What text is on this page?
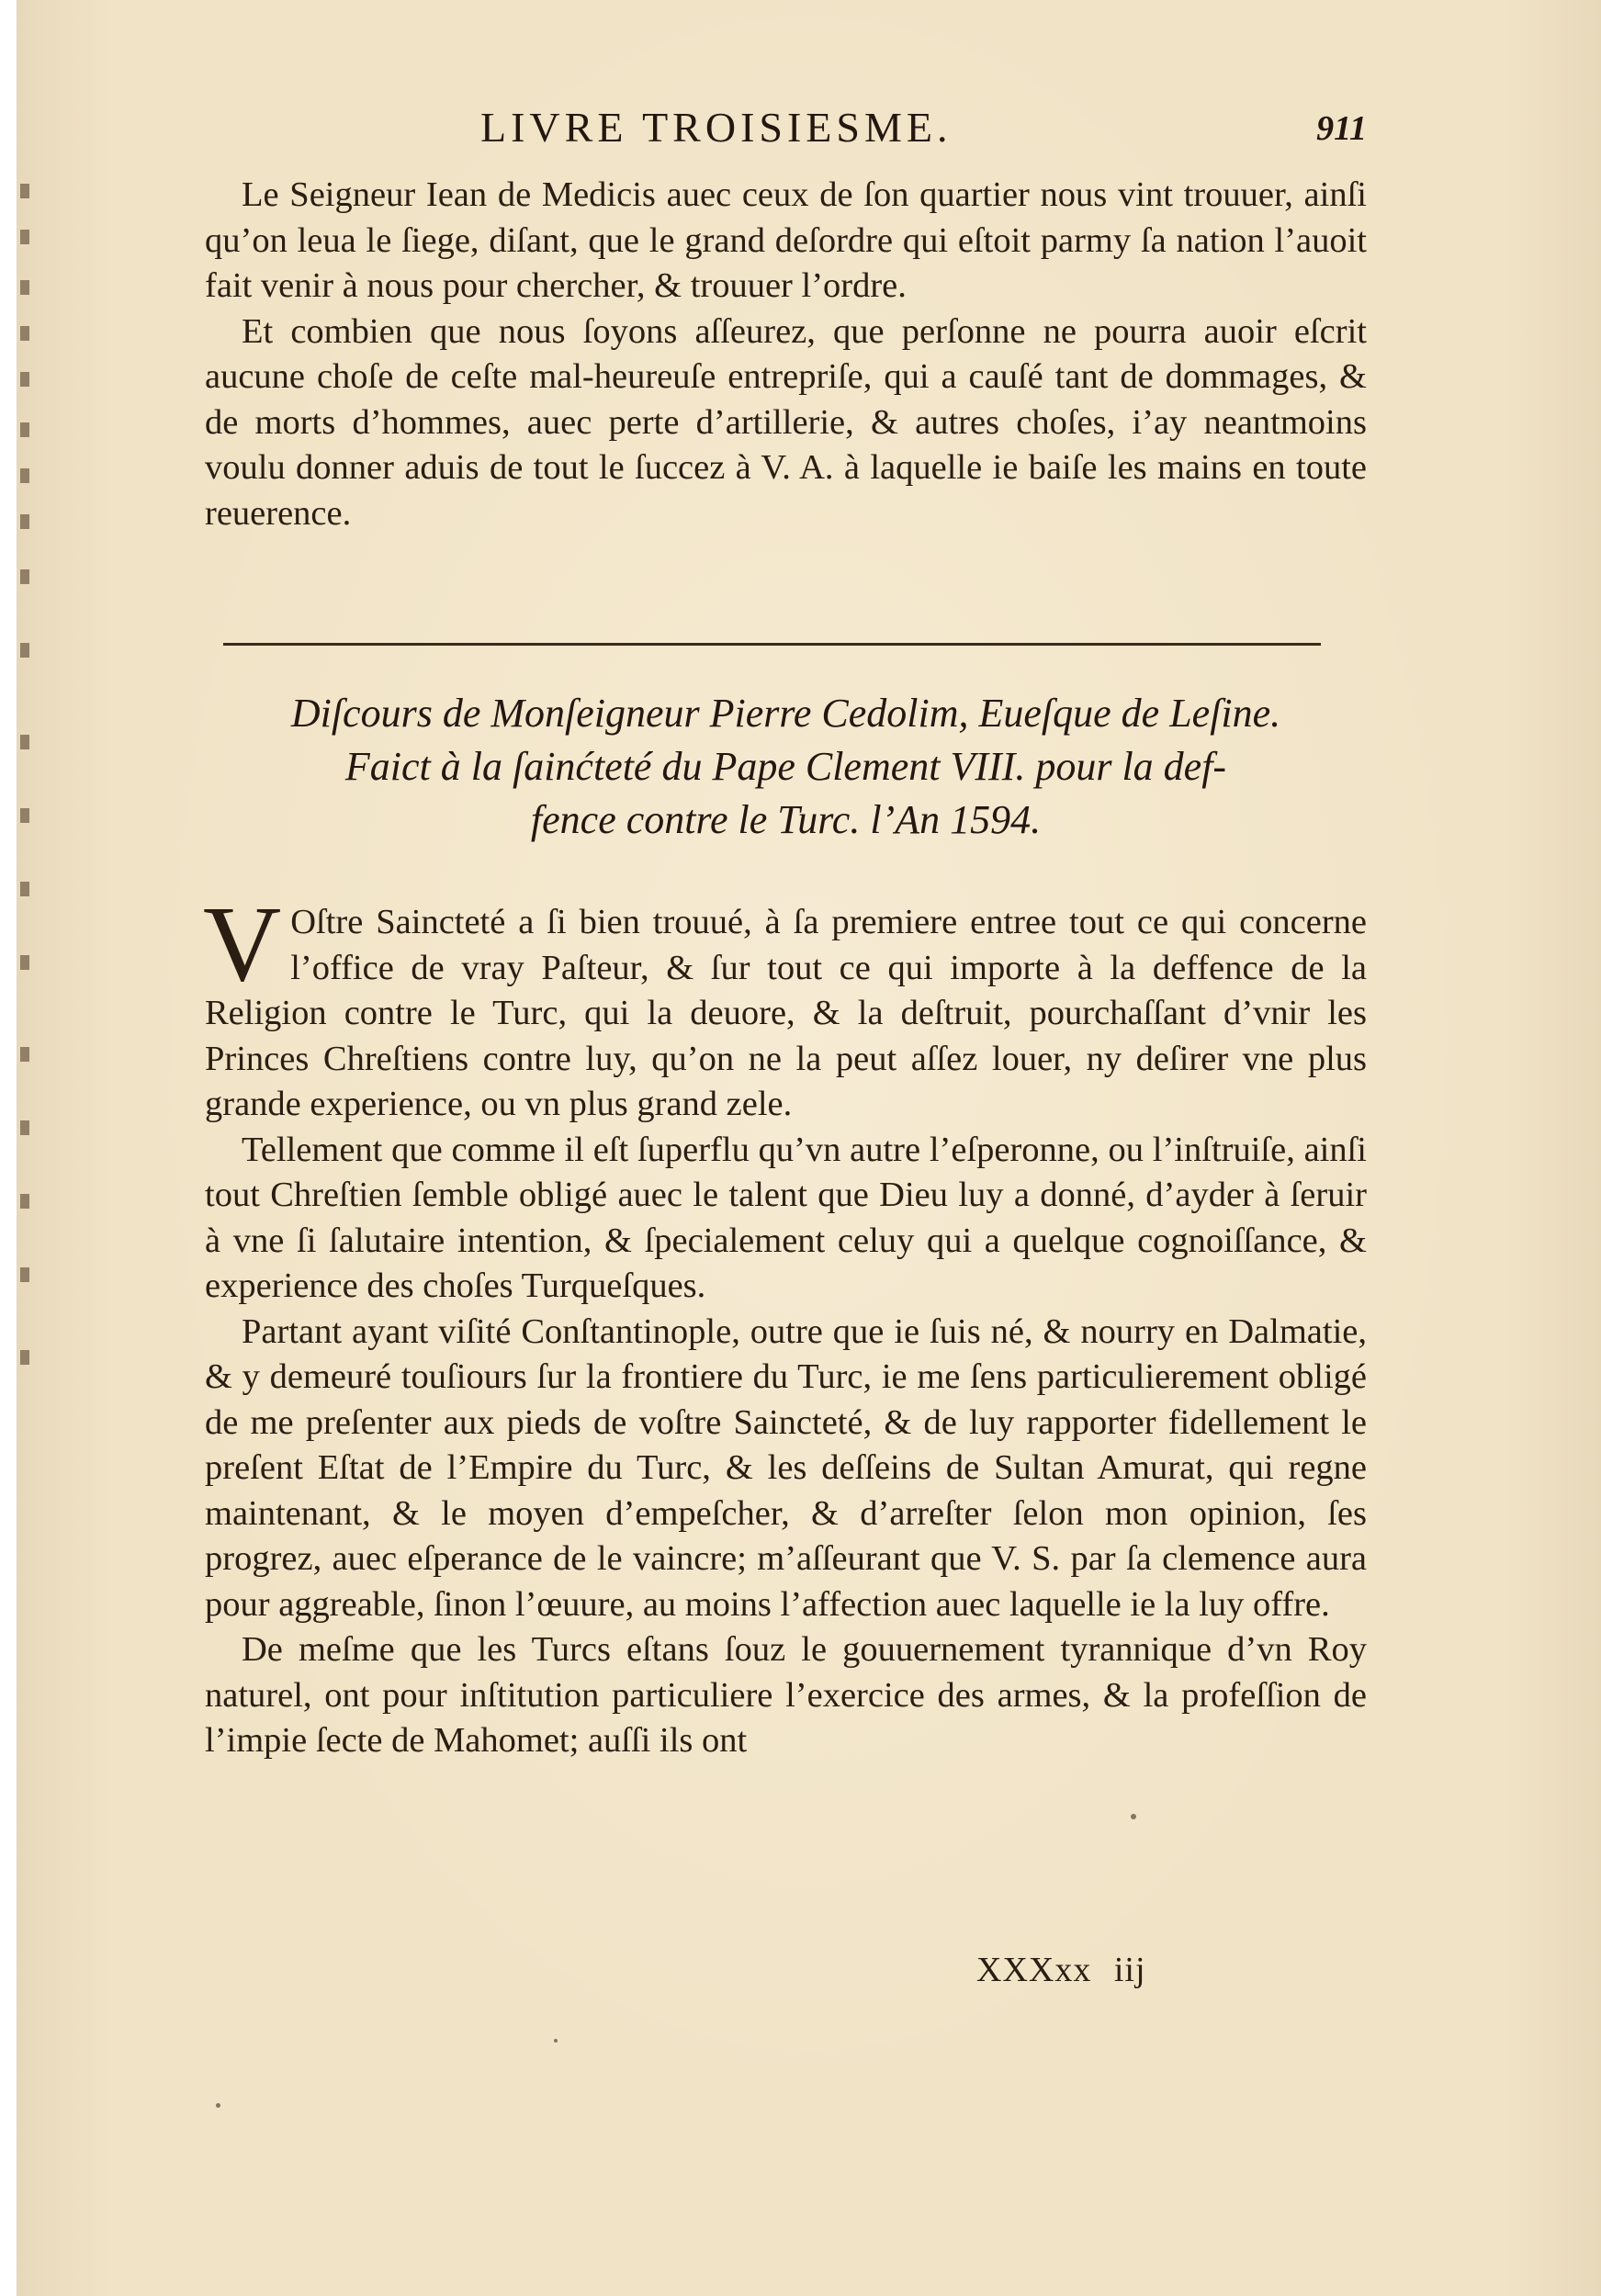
LIVRE TROISIESME.	911

Le Seigneur Iean de Medicis auec ceux de ſon quartier nous vint trouuer, ainſi qu’on leua le ſiege, diſant, que le grand deſordre qui eſtoit parmy ſa nation l’auoit fait venir à nous pour chercher, & trouuer l’ordre.

Et combien que nous ſoyons aſſeurez, que perſonne ne pourra auoir eſcrit aucune choſe de ceſte mal-heureuſe entrepriſe, qui a cauſé tant de dommages, & de morts d’hommes, auec perte d’artillerie, & autres choſes, i’ay neantmoins voulu donner aduis de tout le ſuccez à V. A. à laquelle ie baiſe les mains en toute reuerence.

Diſcours de Monſeigneur Pierre Cedolim, Eueſque de Leſine.
Faict à la ſainćteté du Pape Clement VIII. pour la def-
fence contre le Turc. l’An 1594.

V Oſtre Saincteté a ſi bien trouué, à ſa premiere entree tout ce qui concerne l’office de vray Paſteur, & ſur tout ce qui importe à la deffence de la Religion contre le Turc, qui la deuore, & la deſtruit, pourchaſſant d’vnir les Princes Chreſtiens contre luy, qu’on ne la peut aſſez louer, ny deſirer vne plus grande experience, ou vn plus grand zele.

Tellement que comme il eſt ſuperflu qu’vn autre l’eſperonne, ou l’inſtruiſe, ainſi tout Chreſtien ſemble obligé auec le talent que Dieu luy a donné, d’ayder à ſeruir à vne ſi ſalutaire intention, & ſpecialement celuy qui a quelque cognoiſſance, & experience des choſes Turqueſques.

Partant ayant viſité Conſtantinople, outre que ie ſuis né, & nourry en Dalmatie, & y demeuré touſiours ſur la frontiere du Turc, ie me ſens particulierement obligé de me preſenter aux pieds de voſtre Saincteté, & de luy rapporter fidellement le preſent Eſtat de l’Empire du Turc, & les deſſeins de Sultan Amurat, qui regne maintenant, & le moyen d’empeſcher, & d’arreſter ſelon mon opinion, ſes progrez, auec eſperance de le vaincre; m’aſſeurant que V. S. par ſa clemence aura pour aggreable, ſinon l’œuure, au moins l’affection auec laquelle ie la luy offre.

De meſme que les Turcs eſtans ſouz le gouuernement tyrannique d’vn Roy naturel, ont pour inſtitution particuliere l’exercice des armes, & la profeſſion de l’impie ſecte de Mahomet; auſſi ils ont

XXXxx iij
